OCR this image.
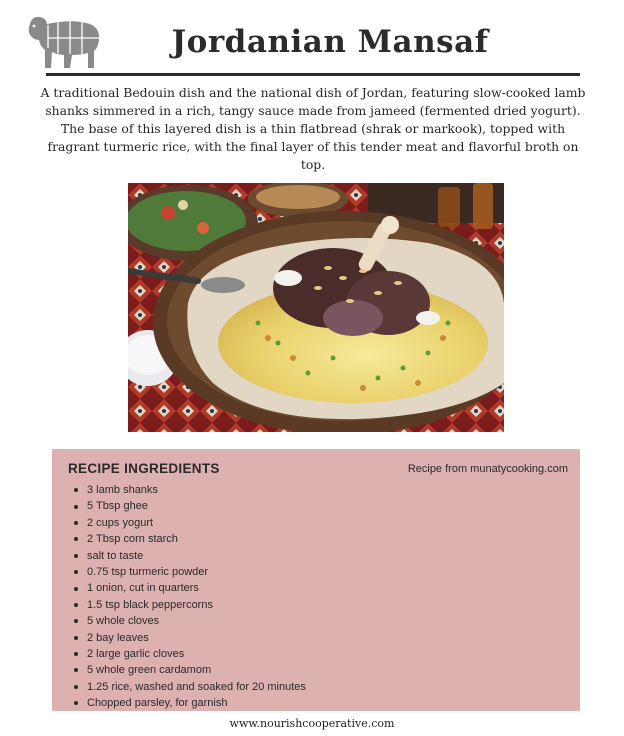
Jordanian Mansaf

A traditional Bedouin dish and the national dish of Jordan, featuring slow-cooked lamb shanks simmered in a rich, tangy sauce made from jameed (fermented dried yogurt). The base of this layered dish is a thin flatbread (shrak or markook), topped with fragrant turmeric rice, with the final layer of this tender meat and flavorful broth on top.

RECIPE INGREDIENTS	Recipe from munatycooking.com
3 lamb shanks
5 Tbsp ghee
2 cups yogurt
2 Tbsp corn starch
salt to taste
0.75 tsp turmeric powder
1 onion, cut in quarters
1.5 tsp black peppercorns
5 whole cloves
2 bay leaves
2 large garlic cloves
5 whole green cardamom
1.25 rice, washed and soaked for 20 minutes
Chopped parsley, for garnish
www.nourishcooperative.com
